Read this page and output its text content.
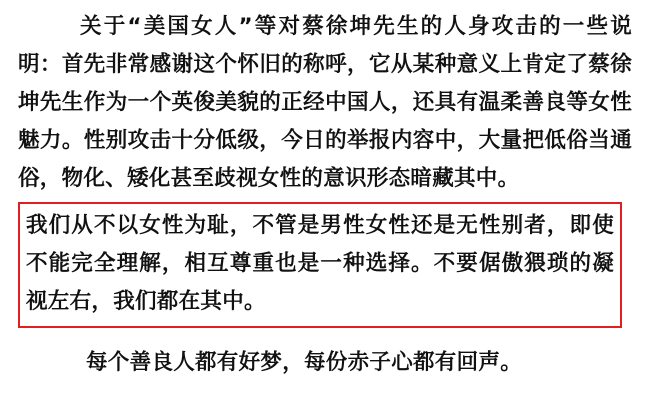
关于“美国女人”等对蔡徐坤先生的人身攻击的一些说明：首先非常感谢这个怀旧的称呼，它从某种意义上肯定了蔡徐坤先生作为一个英俊美貌的正经中国人，还具有温柔善良等女性魅力。性别攻击十分低级，今日的举报内容中，大量把低俗当通俗，物化、矮化甚至歧视女性的意识形态暗藏其中。

我们从不以女性为耻，不管是男性女性还是无性别者，即使不能完全理解，相互尊重也是一种选择。不要倨傲猥琐的凝视左右，我们都在其中。

每个善良人都有好梦，每份赤子心都有回声。
